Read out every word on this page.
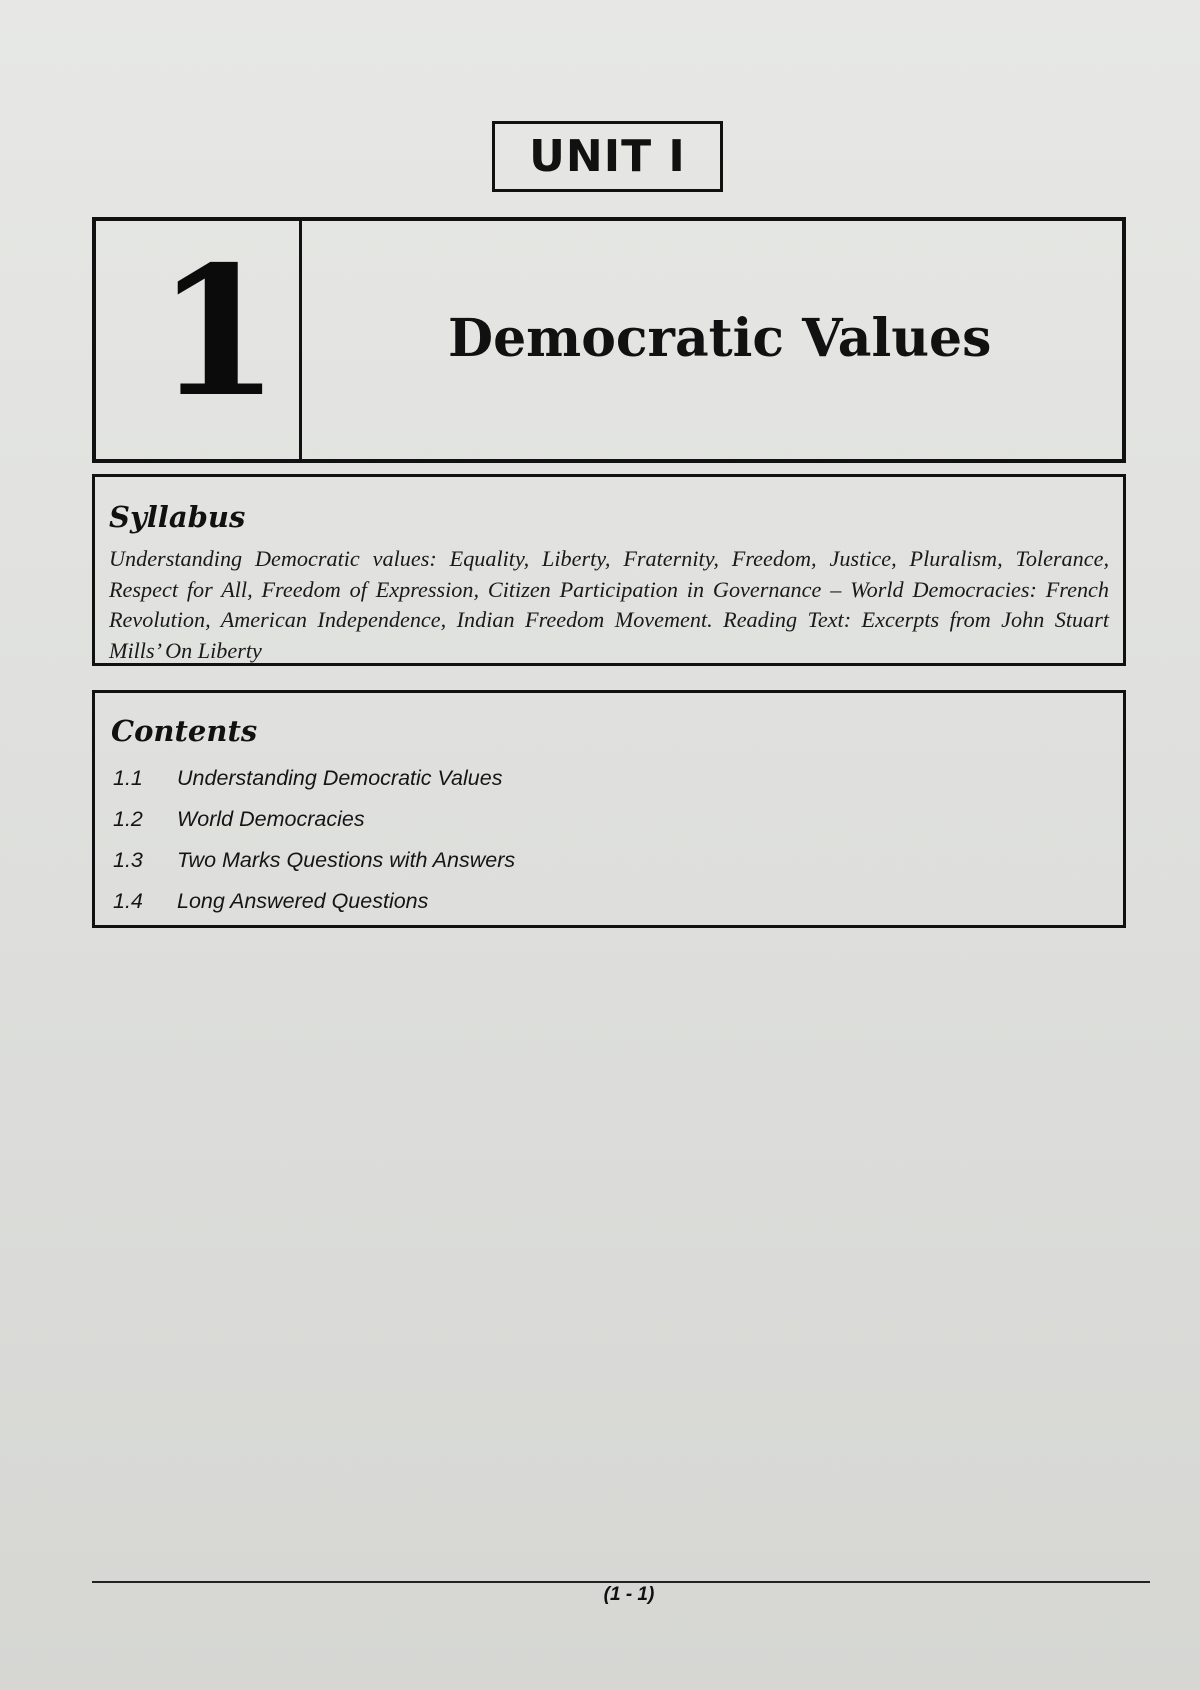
UNIT I
1	Democratic Values
Syllabus

Understanding Democratic values: Equality, Liberty, Fraternity, Freedom, Justice, Pluralism, Tolerance, Respect for All, Freedom of Expression, Citizen Participation in Governance – World Democracies: French Revolution, American Independence, Indian Freedom Movement. Reading Text: Excerpts from John Stuart Mills’ On Liberty

Contents
1.1	Understanding Democratic Values
1.2	World Democracies
1.3	Two Marks Questions with Answers
1.4	Long Answered Questions
(1 - 1)
